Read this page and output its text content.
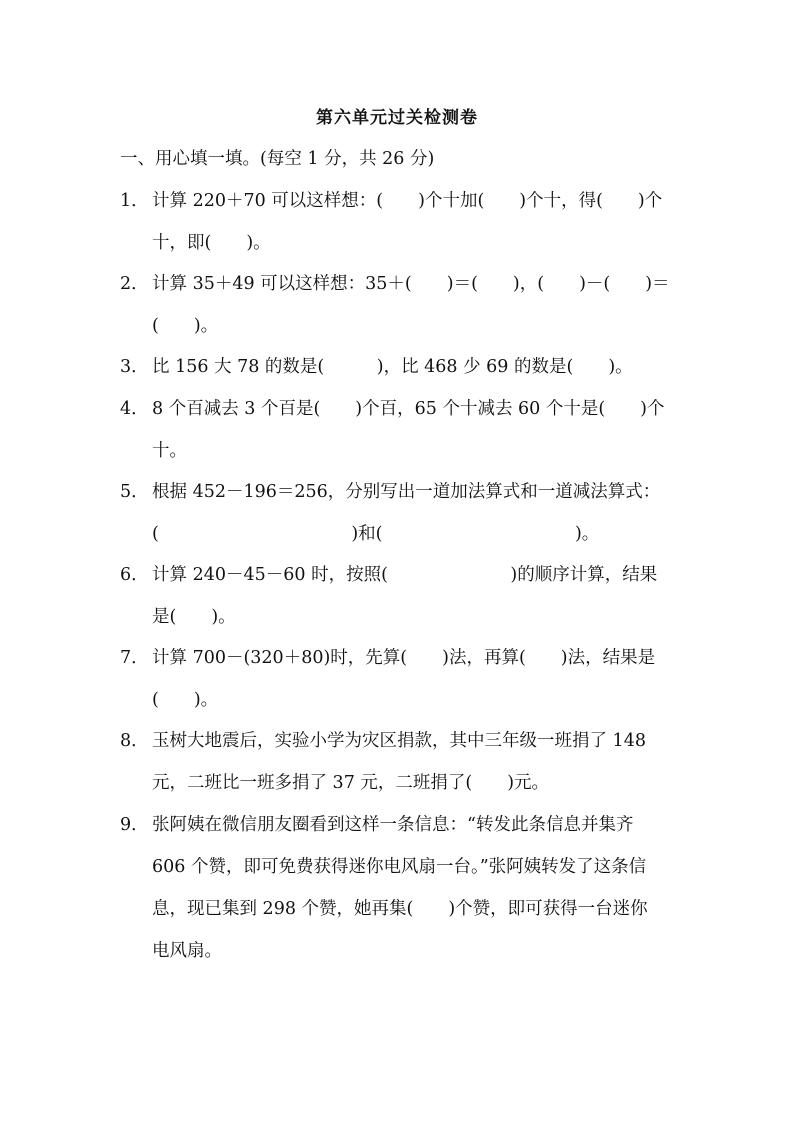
第六单元过关检测卷
一、用心填一填。(每空 1 分，共 26 分)
1． 计算 220＋70 可以这样想：(　　)个十加(　　)个十，得(　　)个
十，即(　　)。
2． 计算 35＋49 可以这样想：35＋(　　)＝(　　)，(　　)－(　　)＝
(　　)。
3． 比 156 大 78 的数是(　　　)，比 468 少 69 的数是(　　)。
4． 8 个百减去 3 个百是(　　)个百，65 个十减去 60 个十是(　　)个
十。
5． 根据 452－196＝256，分别写出一道加法算式和一道减法算式：
(　　　　　　　　　　　)和(　　　　　　　　　　　)。
6． 计算 240－45－60 时，按照(　　　　　　　)的顺序计算，结果
是(　　)。
7． 计算 700－(320＋80)时，先算(　　)法，再算(　　)法，结果是
(　　)。
8． 玉树大地震后，实验小学为灾区捐款，其中三年级一班捐了 148
元，二班比一班多捐了 37 元，二班捐了(　　)元。
9． 张阿姨在微信朋友圈看到这样一条信息：“转发此条信息并集齐
606 个赞，即可免费获得迷你电风扇一台。”张阿姨转发了这条信
息，现已集到 298 个赞，她再集(　　)个赞，即可获得一台迷你
电风扇。
